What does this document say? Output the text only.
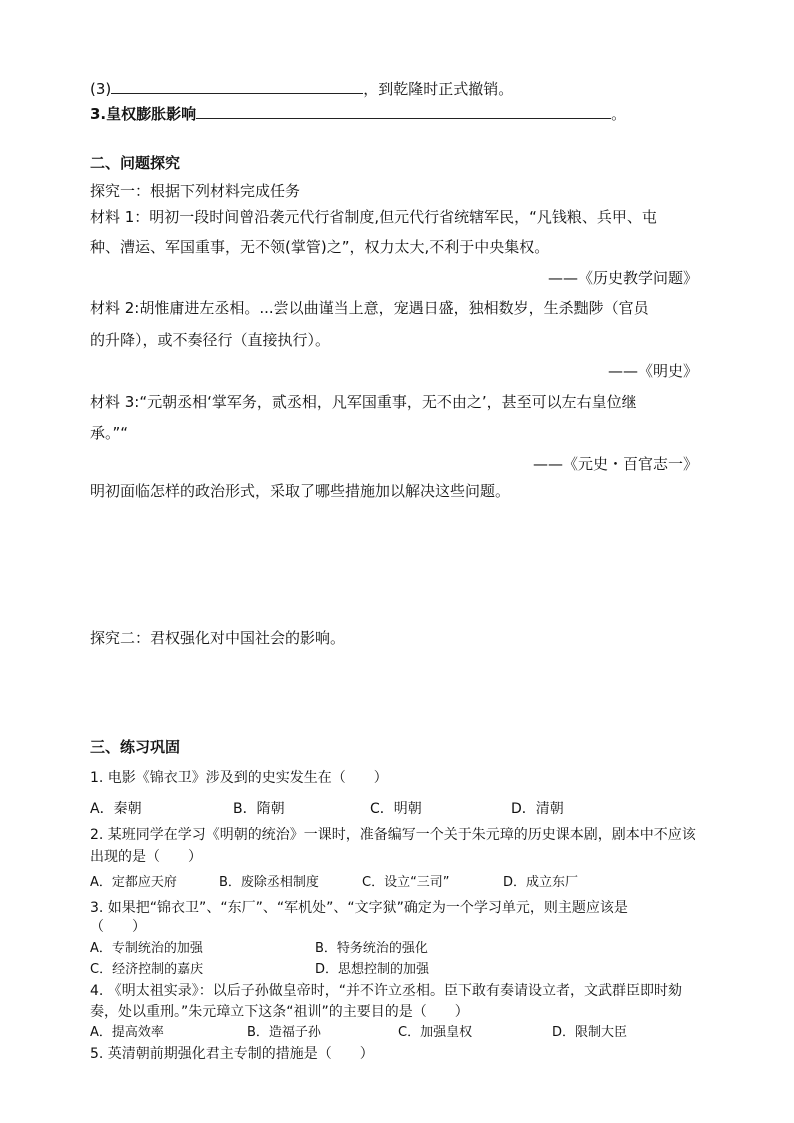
(3)	，到乾隆时正式撤销。
3.皇权膨胀影响	。
二、问题探究
探究一：根据下列材料完成任务
材料 1：明初一段时间曾沿袭元代行省制度,但元代行省统辖军民，“凡钱粮、兵甲、屯
种、漕运、军国重事，无不领(掌管)之”，权力太大,不利于中央集权。
——《历史教学问题》
材料 2:胡惟庸进左丞相。...尝以曲谨当上意，宠遇日盛，独相数岁，生杀黜陟（官员
的升降），或不奏径行（直接执行）。
——《明史》
材料 3:“元朝丞相‘掌军务，贰丞相，凡军国重事，无不由之’，甚至可以左右皇位继
承。”“
——《元史・百官志一》
明初面临怎样的政治形式，采取了哪些措施加以解决这些问题。
探究二：君权强化对中国社会的影响。
三、练习巩固
1. 电影《锦衣卫》涉及到的史实发生在（　　）
A．秦朝	B．隋朝	C．明朝	D．清朝
2. 某班同学在学习《明朝的统治》一课时，准备编写一个关于朱元璋的历史课本剧，剧本中不应该
出现的是（　　）
A．定都应天府	B．废除丞相制度	C．设立“三司”	D．成立东厂
3. 如果把“锦衣卫”、“东厂”、“军机处”、“文字狱”确定为一个学习单元，则主题应该是
（　　）
A．专制统治的加强	B．特务统治的强化
C．经济控制的嘉庆	D．思想控制的加强
4. 《明太祖实录》：以后子孙做皇帝时，“并不许立丞相。臣下敢有奏请设立者，文武群臣即时劾
奏，处以重刑。”朱元璋立下这条“祖训”的主要目的是（　　）
A．提高效率	B．造福子孙	C．加强皇权	D．限制大臣
5. 英清朝前期强化君主专制的措施是（　　）
